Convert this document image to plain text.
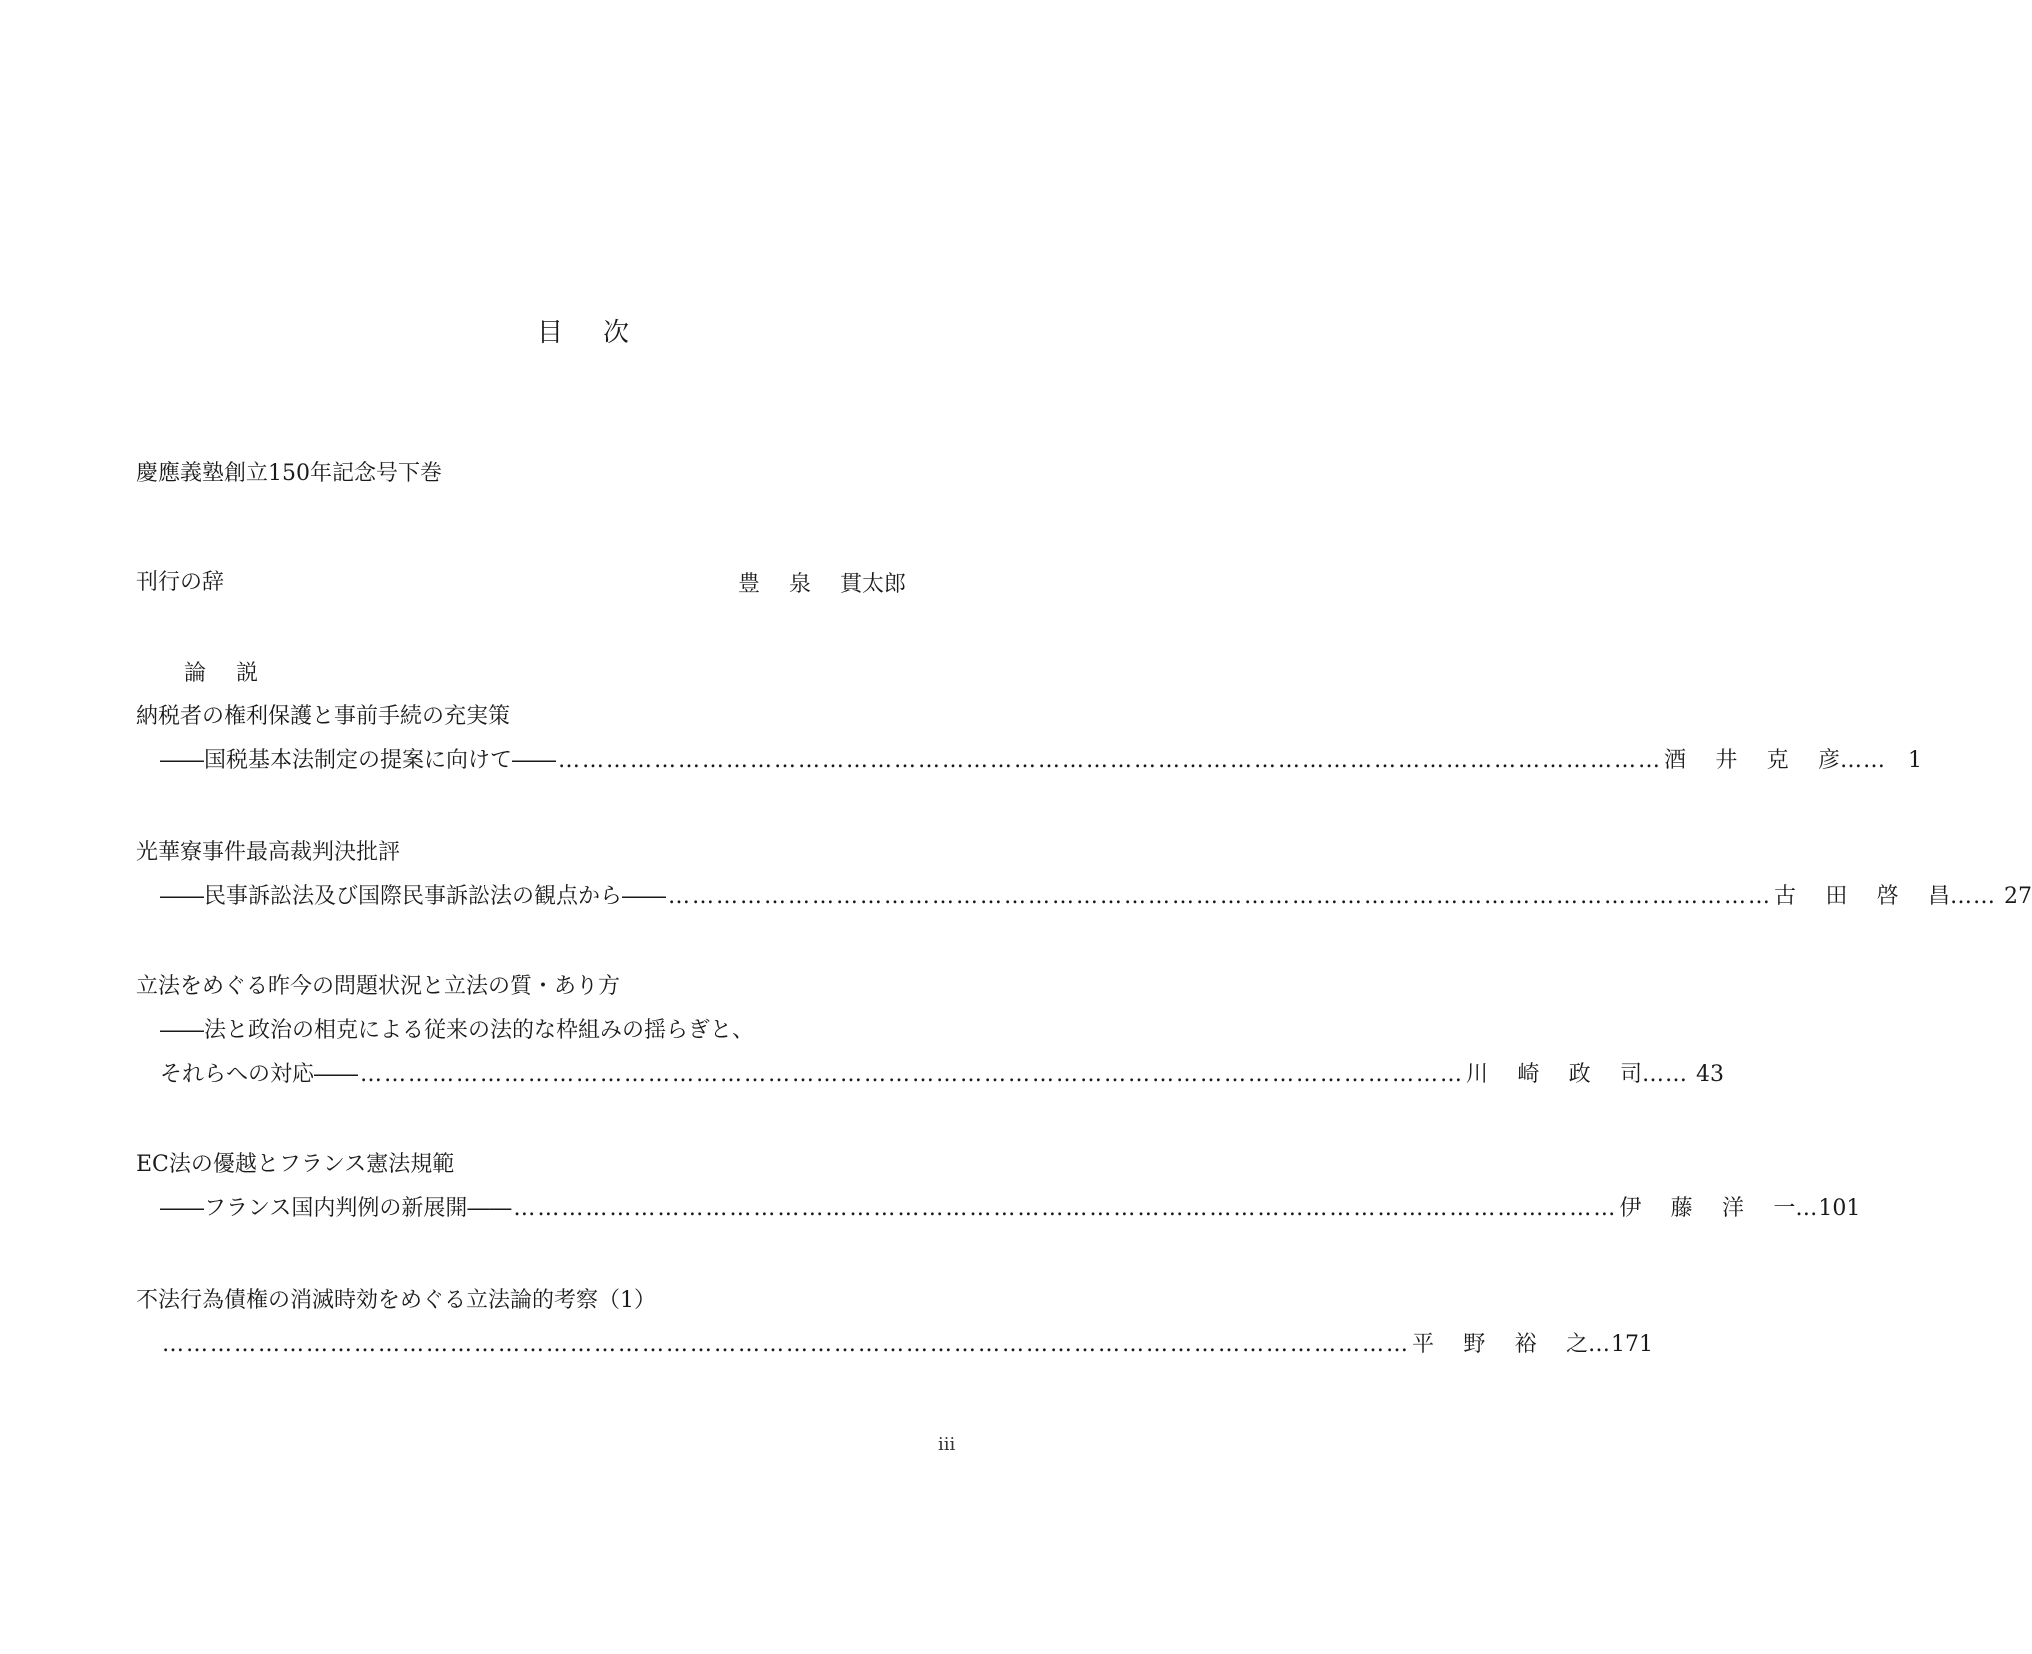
目次
慶應義塾創立150年記念号下巻
刊行の辞	豊 泉 貫太郎
論説
納税者の権利保護と事前手続の充実策
――国税基本法制定の提案に向けて―― ………………………………………………………………………………………………………………………… 酒 井 克 彦 ……	1
光華寮事件最高裁判決批評
――民事訴訟法及び国際民事訴訟法の観点から―― ………………………………………………………………………………………………………………………… 古 田 啓 昌 …… 27
立法をめぐる昨今の問題状況と立法の質・あり方
――法と政治の相克による従来の法的な枠組みの揺らぎと、
それらへの対応―― ………………………………………………………………………………………………………………………… 川 崎 政 司 …… 43
EC法の優越とフランス憲法規範
――フランス国内判例の新展開―― ………………………………………………………………………………………………………………………… 伊 藤 洋 一 … 101
不法行為債権の消滅時効をめぐる立法論的考察（1）
………………………………………………………………………………………………………………………………………… 平 野 裕 之 … 171
iii
